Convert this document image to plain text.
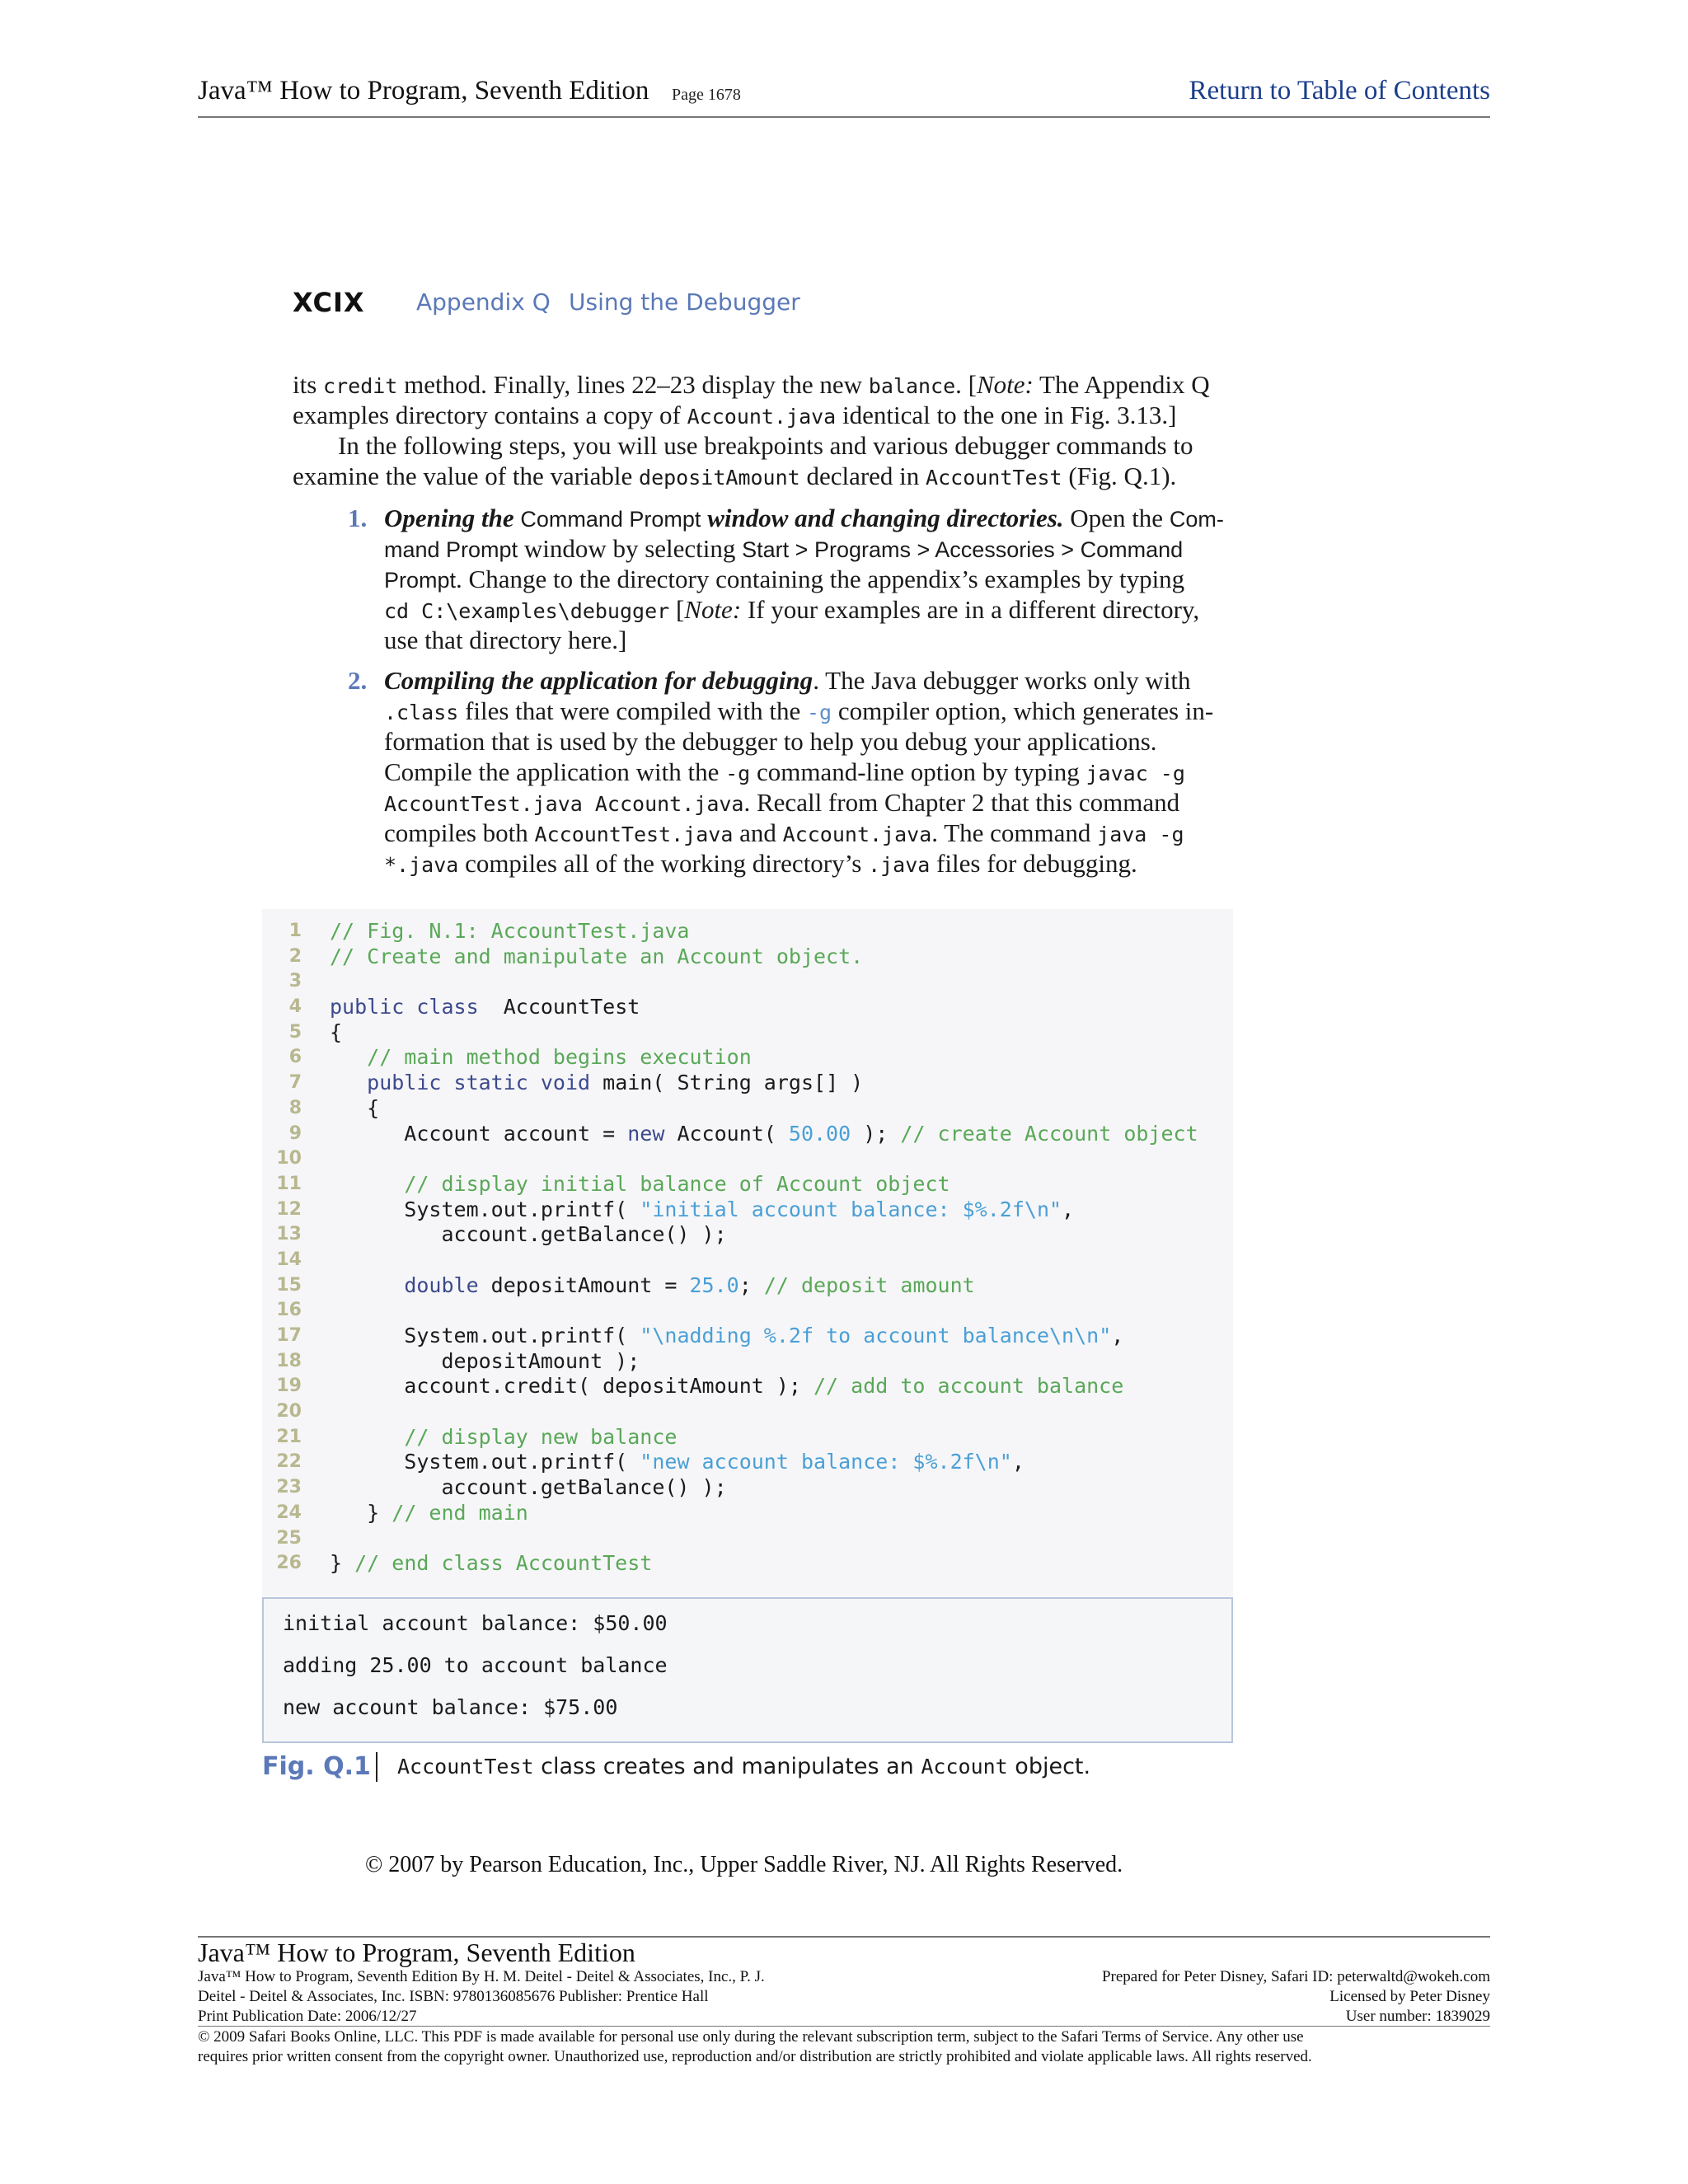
Java™ How to Program, Seventh Edition Page 1678	Return to Table of Contents
XCIX Appendix Q Using the Debugger
its credit method. Finally, lines 22–23 display the new balance. [Note: The Appendix Q
examples directory contains a copy of Account.java identical to the one in Fig. 3.13.]
In the following steps, you will use breakpoints and various debugger commands to
examine the value of the variable depositAmount declared in AccountTest (Fig. Q.1).
1. Opening the Command Prompt window and changing directories. Open the Com-
mand Prompt window by selecting Start > Programs > Accessories > Command
Prompt. Change to the directory containing the appendix’s examples by typing
cd C:\examples\debugger [Note: If your examples are in a different directory,
use that directory here.]
2. Compiling the application for debugging. The Java debugger works only with
.class files that were compiled with the -g compiler option, which generates in-
formation that is used by the debugger to help you debug your applications.
Compile the application with the -g command-line option by typing javac -g
AccountTest.java Account.java. Recall from Chapter 2 that this command
compiles both AccountTest.java and Account.java. The command java -g
*.java compiles all of the working directory’s .java files for debugging.
1 // Fig. N.1: AccountTest.java
2 // Create and manipulate an Account object.
3
4 public class  AccountTest
5 {
6	// main method begins execution
7	public static void main( String args[] )
8 {
9 Account account = new Account( 50.00 ); // create Account object
10
11	// display initial balance of Account object
12 System.out.printf( "initial account balance: $%.2f\n",
13 account.getBalance() );
14
15	double depositAmount = 25.0; // deposit amount
16
17 System.out.printf( "\nadding %.2f to account balance\n\n",
18 depositAmount );
19 account.credit( depositAmount ); // add to account balance
20
21	// display new balance
22 System.out.printf( "new account balance: $%.2f\n",
23 account.getBalance() );
24 } // end main
25
26 } // end class AccountTest
initial account balance: $50.00
adding 25.00 to account balance
new account balance: $75.00
Fig. Q.1 AccountTest class creates and manipulates an Account object.
© 2007 by Pearson Education, Inc., Upper Saddle River, NJ. All Rights Reserved.
Java™ How to Program, Seventh Edition
Java™ How to Program, Seventh Edition By H. M. Deitel - Deitel & Associates, Inc., P. J.
Deitel - Deitel & Associates, Inc. ISBN: 9780136085676 Publisher: Prentice Hall
Print Publication Date: 2006/12/27
Prepared for Peter Disney, Safari ID: peterwaltd@wokeh.com
Licensed by Peter Disney
User number: 1839029
© 2009 Safari Books Online, LLC. This PDF is made available for personal use only during the relevant subscription term, subject to the Safari Terms of Service. Any other use
requires prior written consent from the copyright owner. Unauthorized use, reproduction and/or distribution are strictly prohibited and violate applicable laws. All rights reserved.
